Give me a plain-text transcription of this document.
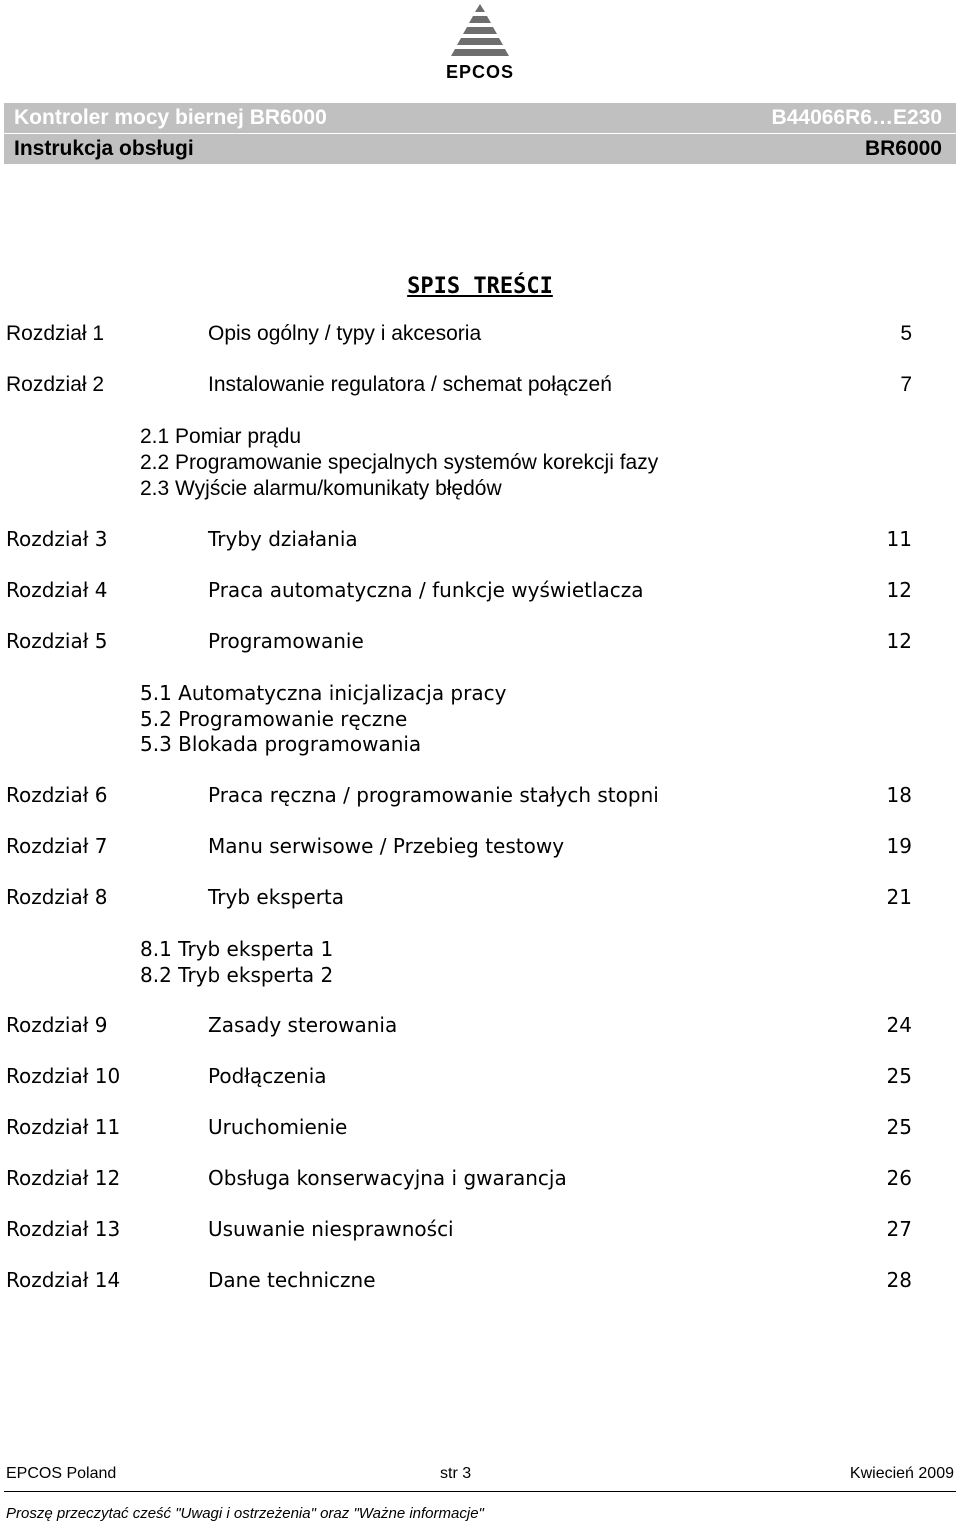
EPCOS
Kontroler mocy biernej BR6000	B44066R6…E230
Instrukcja obsługi	BR6000
SPIS TREŚCI
Rozdział 1	Opis ogólny / typy i akcesoria	5
Rozdział 2	Instalowanie regulatora / schemat połączeń	7
2.1 Pomiar prądu
2.2 Programowanie specjalnych systemów korekcji fazy
2.3 Wyjście alarmu/komunikaty błędów
Rozdział 3	Tryby działania	11
Rozdział 4	Praca automatyczna / funkcje wyświetlacza	12
Rozdział 5	Programowanie	12
5.1 Automatyczna inicjalizacja pracy
5.2 Programowanie ręczne
5.3 Blokada programowania
Rozdział 6	Praca ręczna / programowanie stałych stopni	18
Rozdział 7	Manu serwisowe / Przebieg testowy	19
Rozdział 8	Tryb eksperta	21
8.1 Tryb eksperta 1
8.2 Tryb eksperta 2
Rozdział 9	Zasady sterowania	24
Rozdział 10	Podłączenia	25
Rozdział 11	Uruchomienie	25
Rozdział 12	Obsługa konserwacyjna i gwarancja	26
Rozdział 13	Usuwanie niesprawności	27
Rozdział 14	Dane techniczne	28
EPCOS Poland	str 3	Kwiecień 2009
Proszę przeczytać cześć "Uwagi i ostrzeżenia" oraz "Ważne informacje"
